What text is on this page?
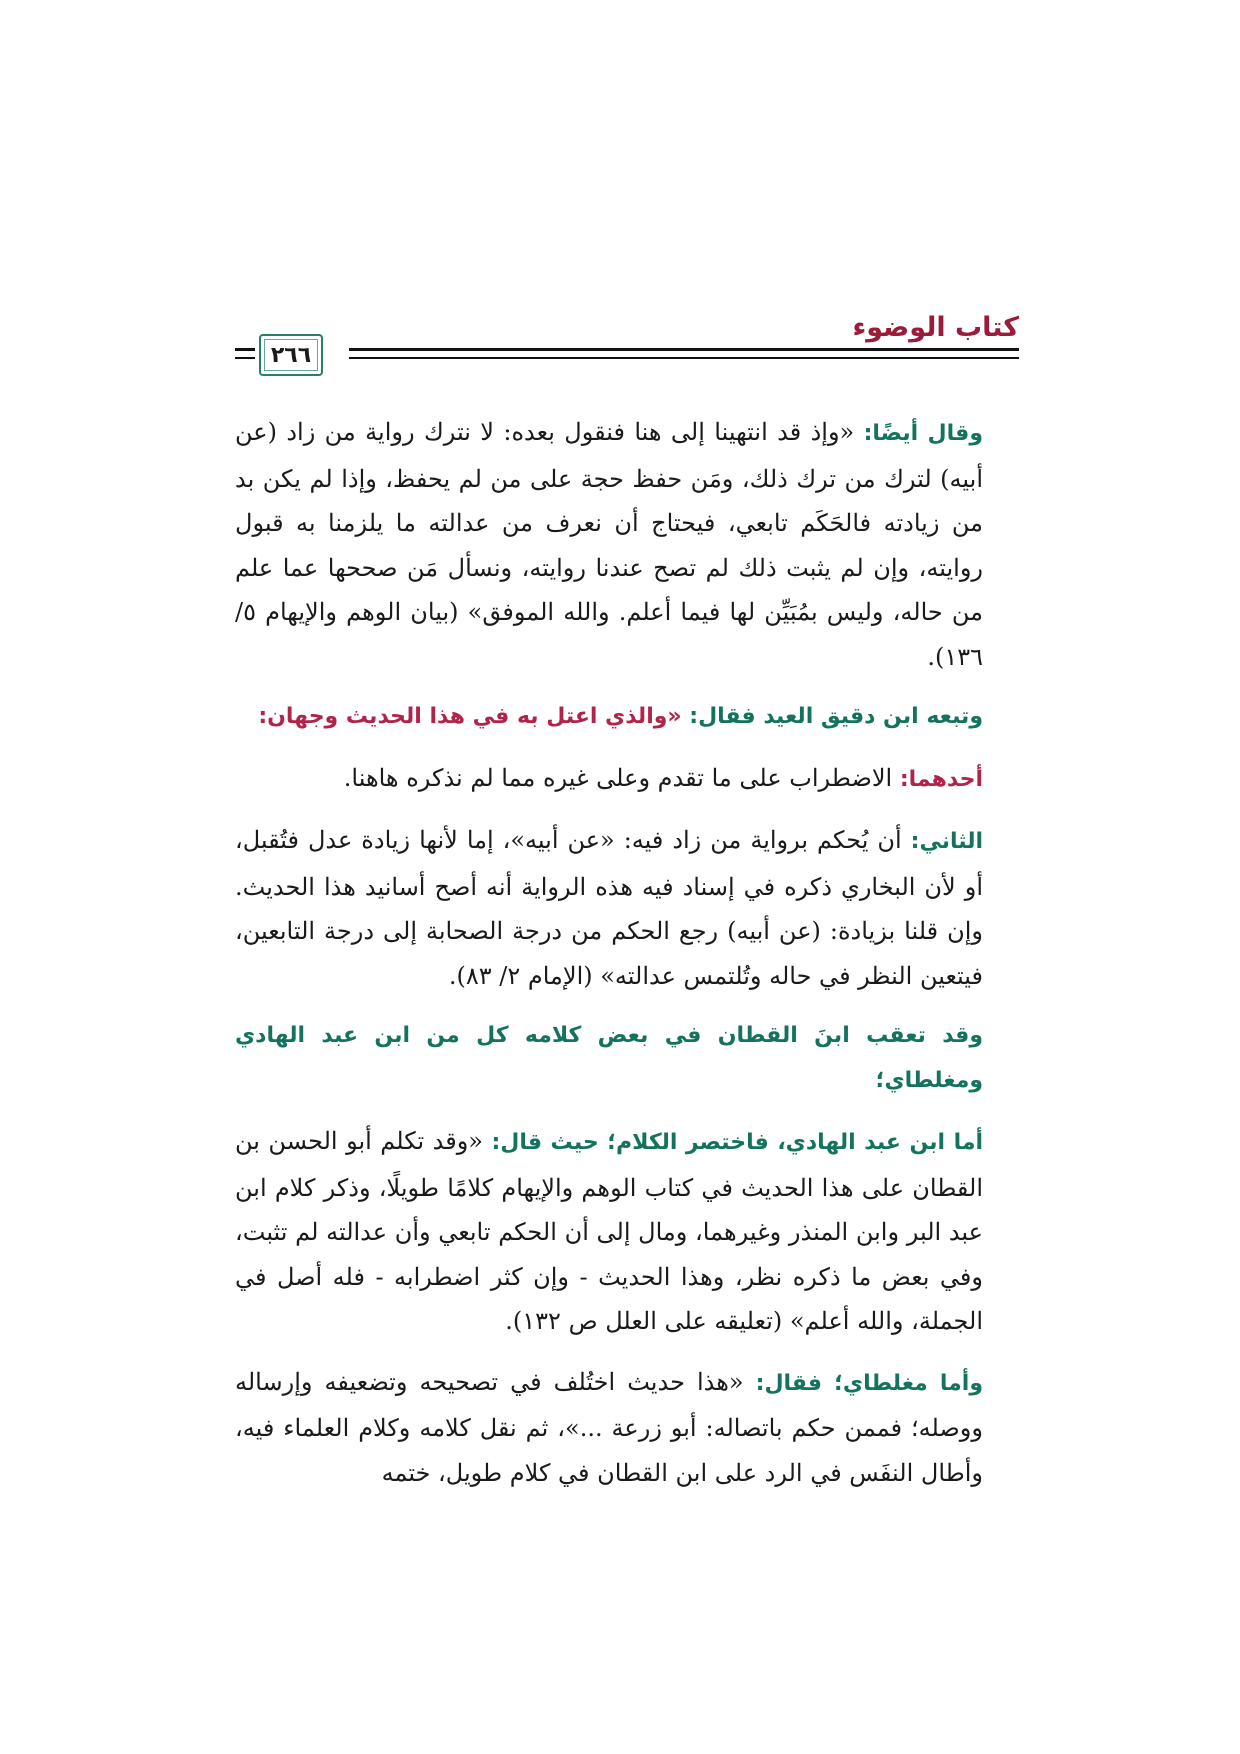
كتاب الوضوء
٢٦٦

وقال أيضًا: «وإذ قد انتهينا إلى هنا فنقول بعده: لا نترك رواية من زاد (عن أبيه) لترك من ترك ذلك، ومَن حفظ حجة على من لم يحفظ، وإذا لم يكن بد من زيادته فالحَكَم تابعي، فيحتاج أن نعرف من عدالته ما يلزمنا به قبول روايته، وإن لم يثبت ذلك لم تصح عندنا روايته، ونسأل مَن صححها عما علم من حاله، وليس بمُبَيِّن لها فيما أعلم. والله الموفق» (بيان الوهم والإيهام ٥/ ١٣٦).

وتبعه ابن دقيق العيد فقال: «والذي اعتل به في هذا الحديث وجهان:

أحدهما: الاضطراب على ما تقدم وعلى غيره مما لم نذكره هاهنا.

الثاني: أن يُحكم برواية من زاد فيه: «عن أبيه»، إما لأنها زيادة عدل فتُقبل، أو لأن البخاري ذكره في إسناد فيه هذه الرواية أنه أصح أسانيد هذا الحديث. وإن قلنا بزيادة: (عن أبيه) رجع الحكم من درجة الصحابة إلى درجة التابعين، فيتعين النظر في حاله وتُلتمس عدالته» (الإمام ٢/ ٨٣).

وقد تعقب ابنَ القطان في بعض كلامه كل من ابن عبد الهادي ومغلطاي؛

أما ابن عبد الهادي، فاختصر الكلام؛ حيث قال: «وقد تكلم أبو الحسن بن القطان على هذا الحديث في كتاب الوهم والإيهام كلامًا طويلًا، وذكر كلام ابن عبد البر وابن المنذر وغيرهما، ومال إلى أن الحكم تابعي وأن عدالته لم تثبت، وفي بعض ما ذكره نظر، وهذا الحديث - وإن كثر اضطرابه - فله أصل في الجملة، والله أعلم» (تعليقه على العلل ص ١٣٢).

وأما مغلطاي؛ فقال: «هذا حديث اختُلف في تصحيحه وتضعيفه وإرساله ووصله؛ فممن حكم باتصاله: أبو زرعة ...»، ثم نقل كلامه وكلام العلماء فيه، وأطال النفَس في الرد على ابن القطان في كلام طويل، ختمه
